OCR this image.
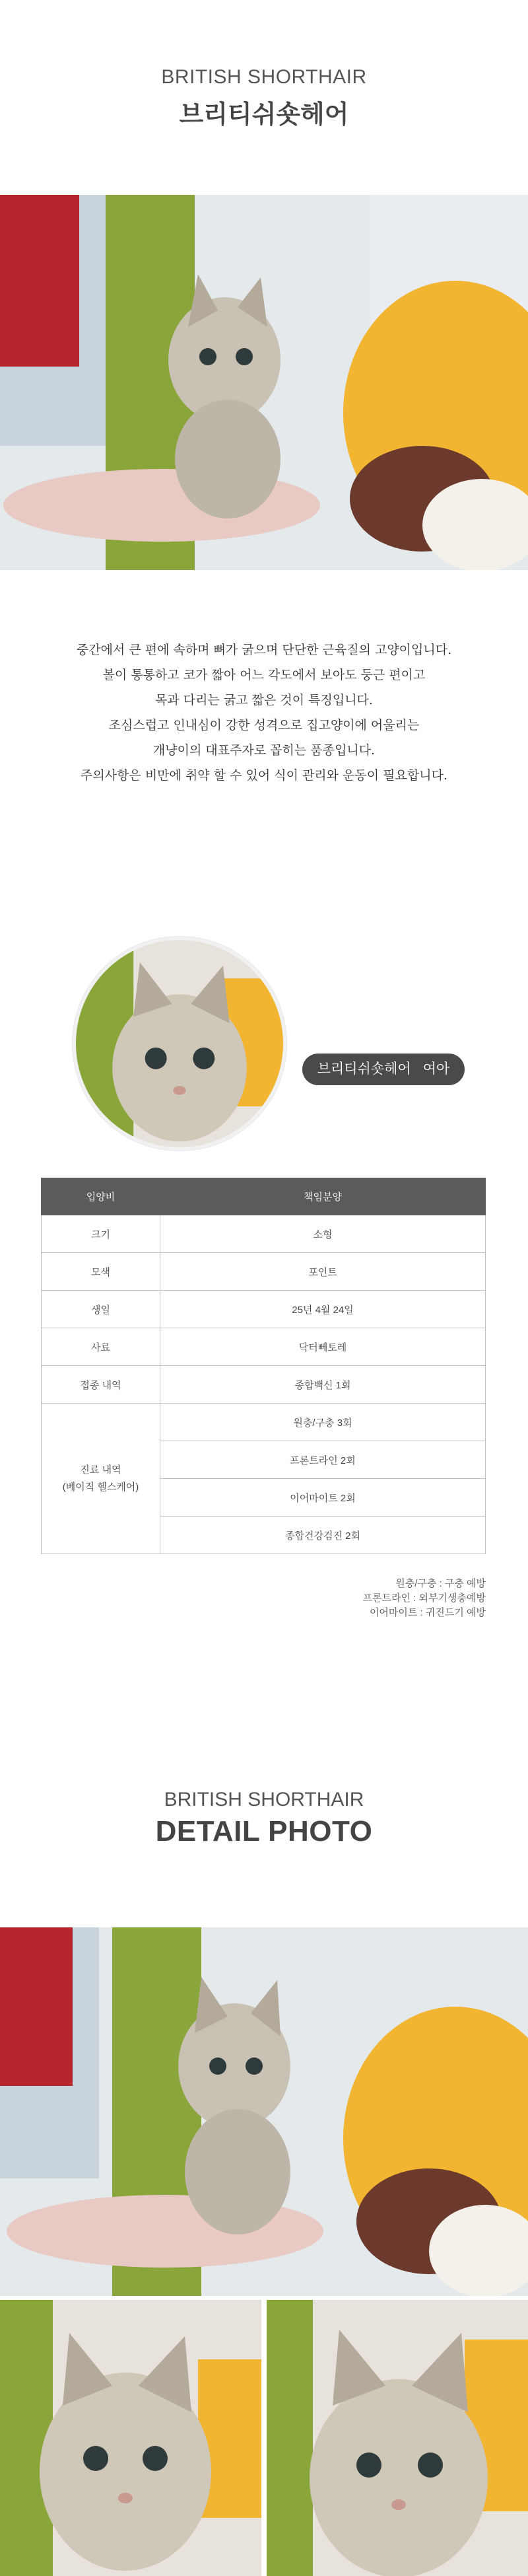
BRITISH SHORTHAIR
브리티쉬숏헤어

중간에서 큰 편에 속하며 뼈가 굵으며 단단한 근육질의 고양이입니다.

볼이 통통하고 코가 짧아 어느 각도에서 보아도 둥근 편이고

목과 다리는 굵고 짧은 것이 특징입니다.

조심스럽고 인내심이 강한 성격으로 집고양이에 어울리는

개냥이의 대표주자로 꼽히는 품종입니다.

주의사항은 비만에 취약 할 수 있어 식이 관리와 운동이 필요합니다.

브리티쉬숏헤어 여아
입양비	책임분양
크기	소형
모색	포인트
생일	25년 4월 24일
사료	닥터뻬토레
접종 내역	종합백신 1회
진료 내역
(베이직 헬스케어)	원충/구충 3회
	프론트라인 2회
	이어마이트 2회
	종합건강검진 2회
원충/구충 : 구충 예방
프론트라인 : 외부기생충예방
이어마이트 : 귀진드기 예방
BRITISH SHORTHAIR
DETAIL PHOTO
